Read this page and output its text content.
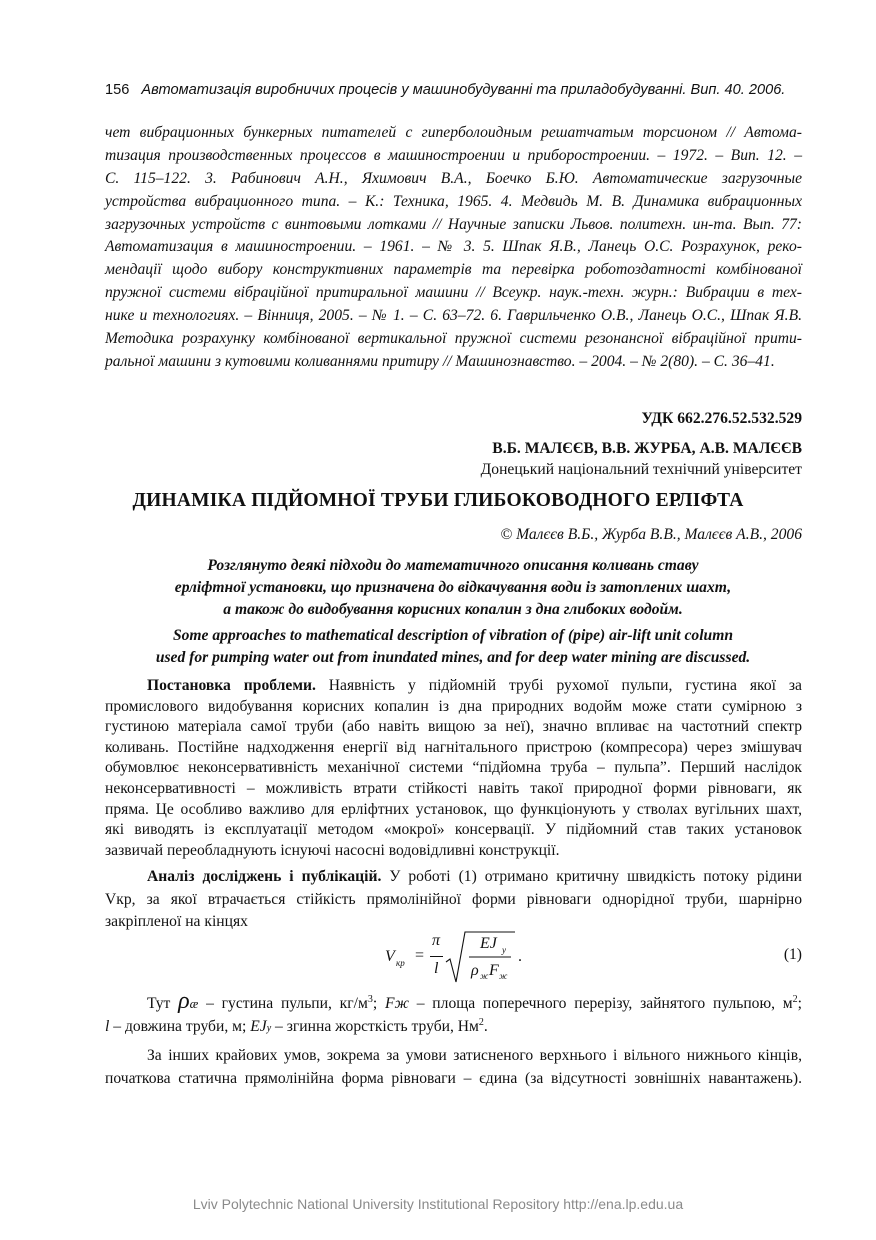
156 Автоматизація виробничих процесів у машинобудуванні та приладобудуванні. Вип. 40. 2006.
чет вибрационных бункерных питателей с гиперболоидным решатчатым торсионом // Автома-
тизация производственных процессов в машиностроении и приборостроении. – 1972. – Вип. 12. –
С. 115–122. 3. Рабинович А.Н., Яхимович В.А., Боечко Б.Ю. Автоматические загрузочные
устройства вибрационного типа. – К.: Техника, 1965. 4. Медвидь М. В. Динамика вибрационных
загрузочных устройств с винтовыми лотками // Научные записки Львов. политехн. ин-та. Вып. 77:
Автоматизация в машиностроении. – 1961. – № 3. 5. Шпак Я.В., Ланець О.С. Розрахунок, реко-
мендації щодо вибору конструктивних параметрів та перевірка роботоздатності комбінованої
пружної системи вібраційної притиральної машини // Всеукр. наук.-техн. журн.: Вибрации в тех-
нике и технологиях. – Вінниця, 2005. – № 1. – С. 63–72. 6. Гаврильченко О.В., Ланець О.С., Шпак Я.В.
Методика розрахунку комбінованої вертикальної пружної системи резонансної вібраційної прити-
ральної машини з кутовими коливаннями притиру // Машинознавство. – 2004. – № 2(80). – С. 36–41.
УДК 662.276.52.532.529
В.Б. МАЛЄЄВ, В.В. ЖУРБА, А.В. МАЛЄЄВ
Донецький національний технічний університет
ДИНАМІКА ПІДЙОМНОЇ ТРУБИ ГЛИБОКОВОДНОГО ЕРЛІФТА
© Малєєв В.Б., Журба В.В., Малєєв А.В., 2006
Розглянуто деякі підходи до математичного описання коливань ставу
ерліфтної установки, що призначена до відкачування води із затоплених шахт,
а також до видобування корисних копалин з дна глибоких водойм.
Some approaches to mathematical description of vibration of (pipe) air-lift unit column
used for pumping water out from inundated mines, and for deep water mining are discussed.
Постановка проблеми. Наявність у підйомній трубі рухомої пульпи, густина якої за
промислового видобування корисних копалин із дна природних водойм може стати сумірною з
густиною матеріала самої труби (або навіть вищою за неї), значно впливає на частотний спектр
коливань. Постійне надходження енергії від нагнітального пристрою (компресора) через змішувач
обумовлює неконсервативність механічної системи “підйомна труба – пульпа”. Перший наслідок
неконсервативності – можливість втрати стійкості навіть такої природної форми рівноваги, як
пряма. Це особливо важливо для ерліфтних установок, що функціонують у стволах вугільних шахт,
які виводять із експлуатації методом «мокрої» консервації. У підйомний став таких установок
зазвичай переобладнують існуючі насосні водовідливні конструкції.
Аналіз досліджень і публікацій. У роботі (1) отримано критичну швидкість потоку рідини
Vкр, за якої втрачається стійкість прямолінійної форми рівноваги однорідної труби, шарнірно
закріпленої на кінцях
V кр =
π
l
EJ y
ρ ж F ж
.	(1)
Тут ρæ – густина пульпи, $кг/м^3$; Fж – площа поперечного перерізу, зайнятого пульпою, $м^2$;
l – довжина труби, м; EJy – згинна жорсткість труби, $Нм^2$.
За інших крайових умов, зокрема за умови затисненого верхнього і вільного нижнього кінців,
початкова статична прямолінійна форма рівноваги – єдина (за відсутності зовнішніх навантажень).
Lviv Polytechnic National University Institutional Repository http://ena.lp.edu.ua
